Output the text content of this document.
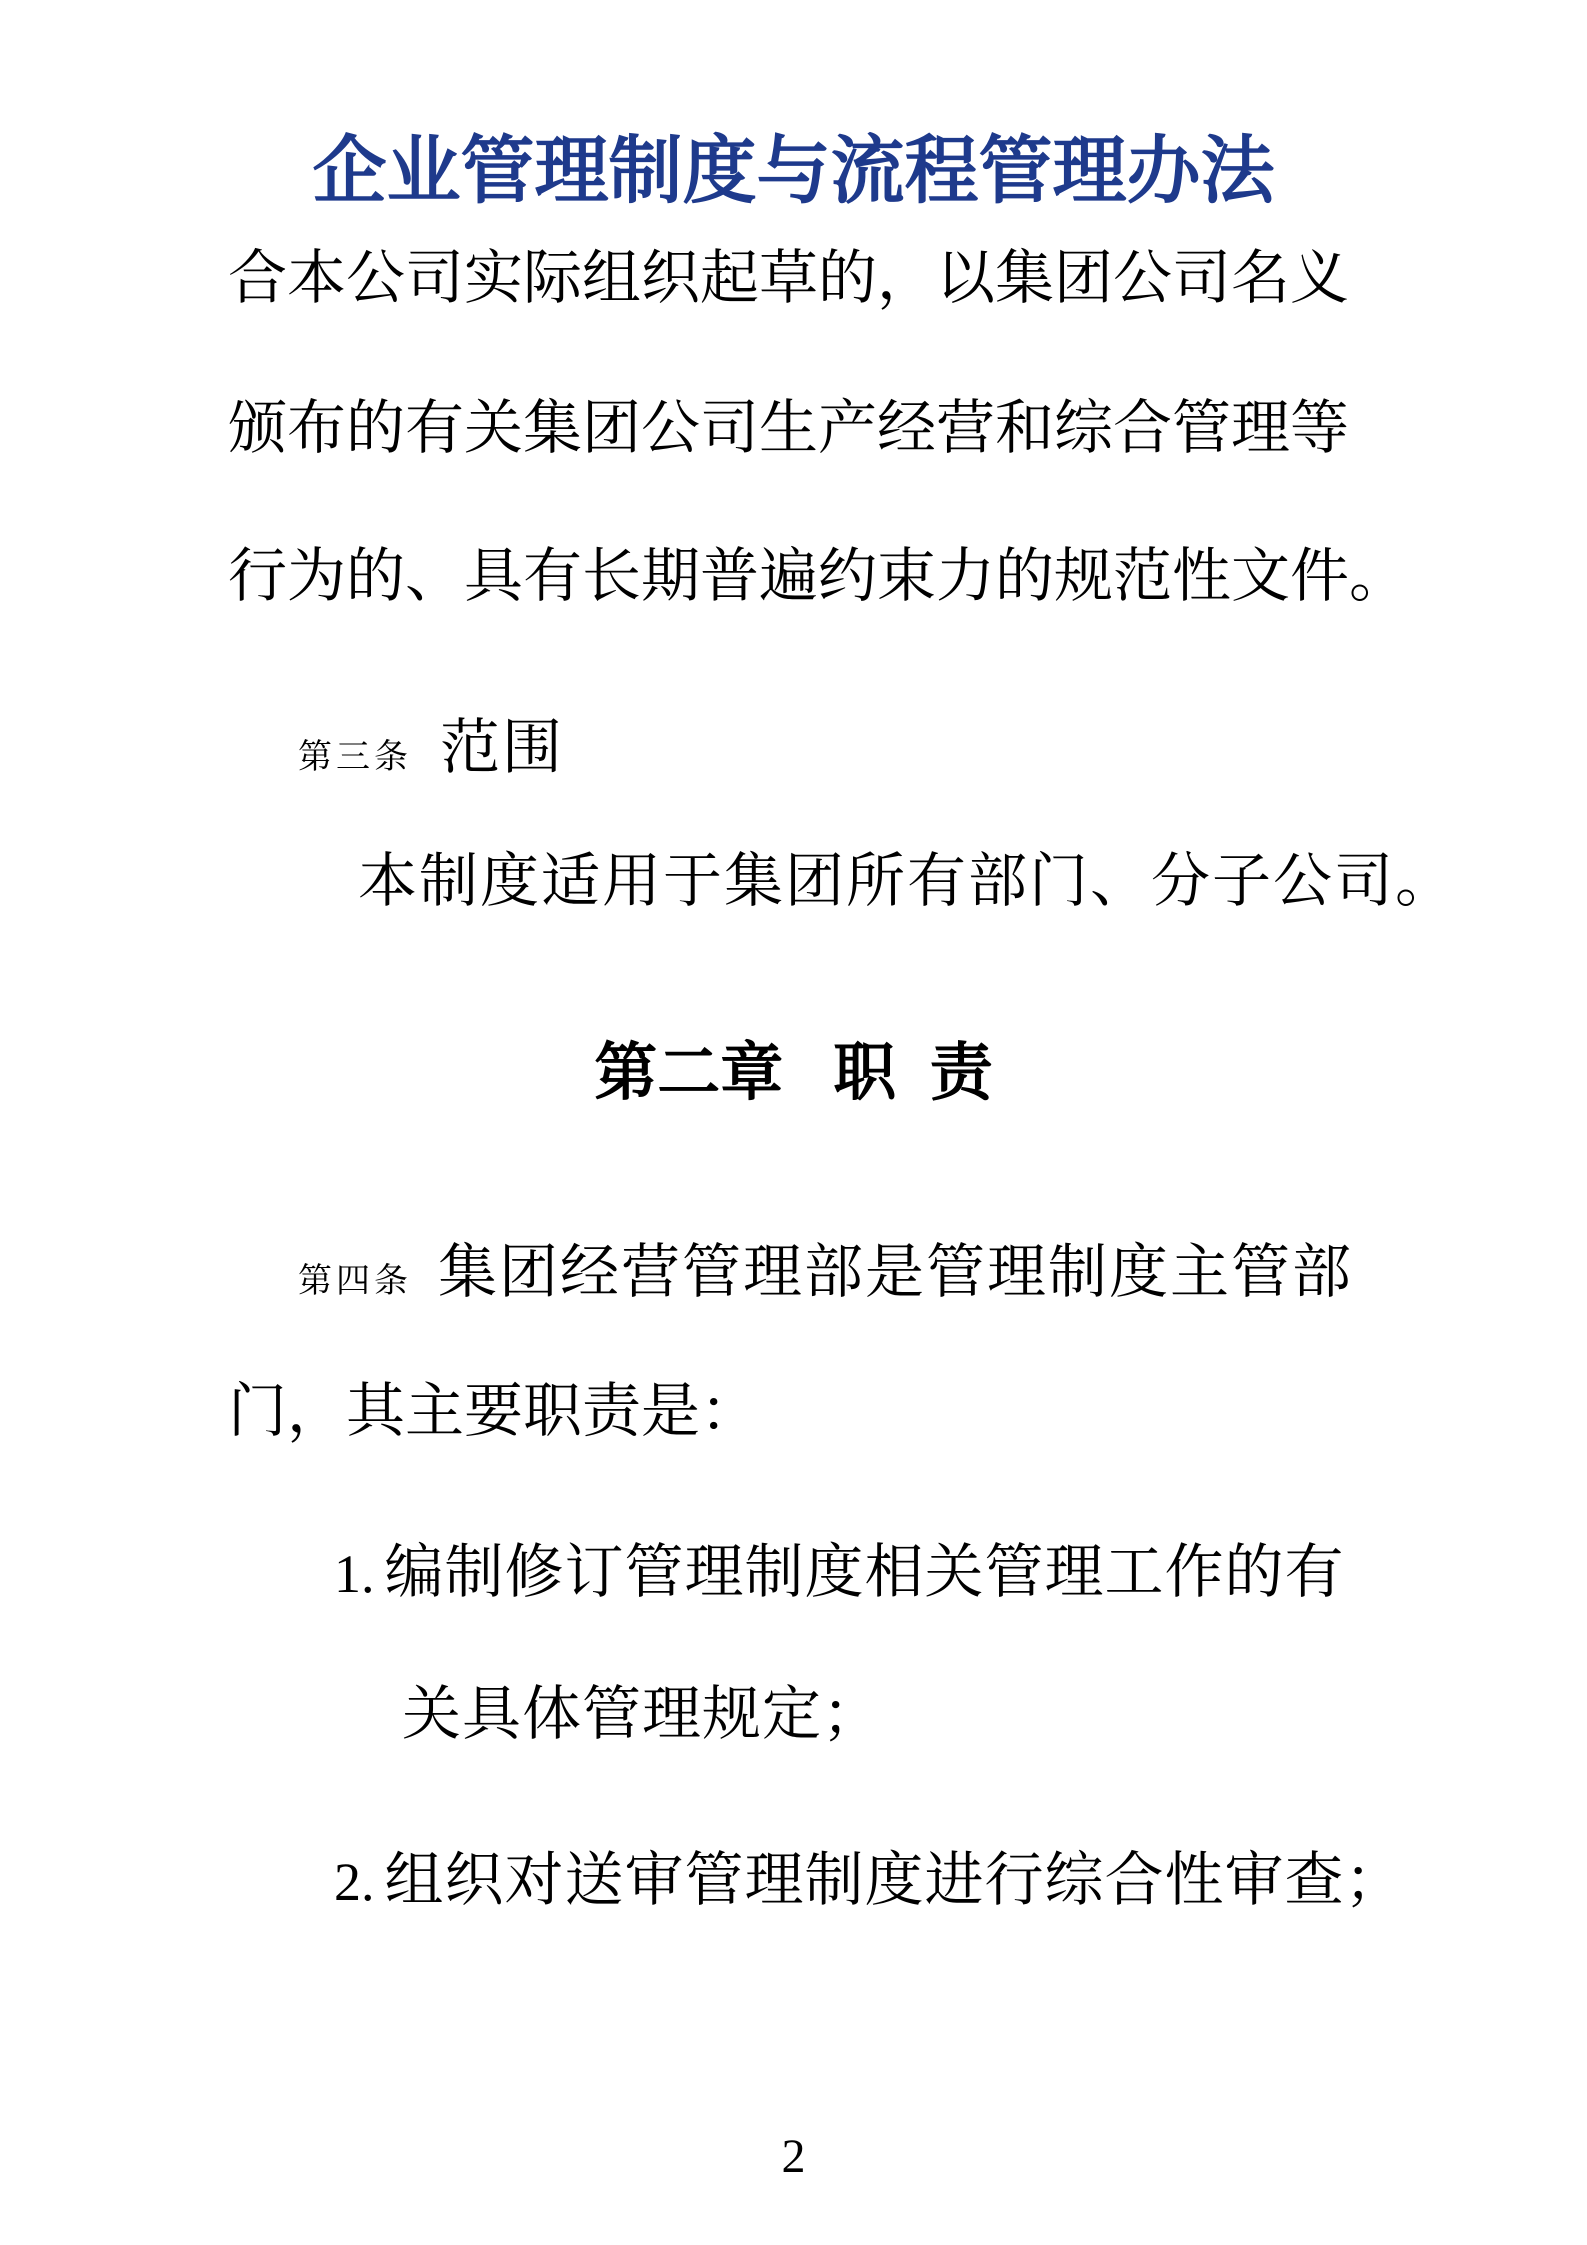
企业管理制度与流程管理办法
合本公司实际组织起草的，以集团公司名义
颁布的有关集团公司生产经营和综合管理等
行为的、具有长期普遍约束力的规范性文件。
第三条 范围
本制度适用于集团所有部门、分子公司。
第二章 职 责
第四条 集团经营管理部是管理制度主管部
门，其主要职责是：
1. 编制修订管理制度相关管理工作的有
关具体管理规定；
2. 组织对送审管理制度进行综合性审查；
2
